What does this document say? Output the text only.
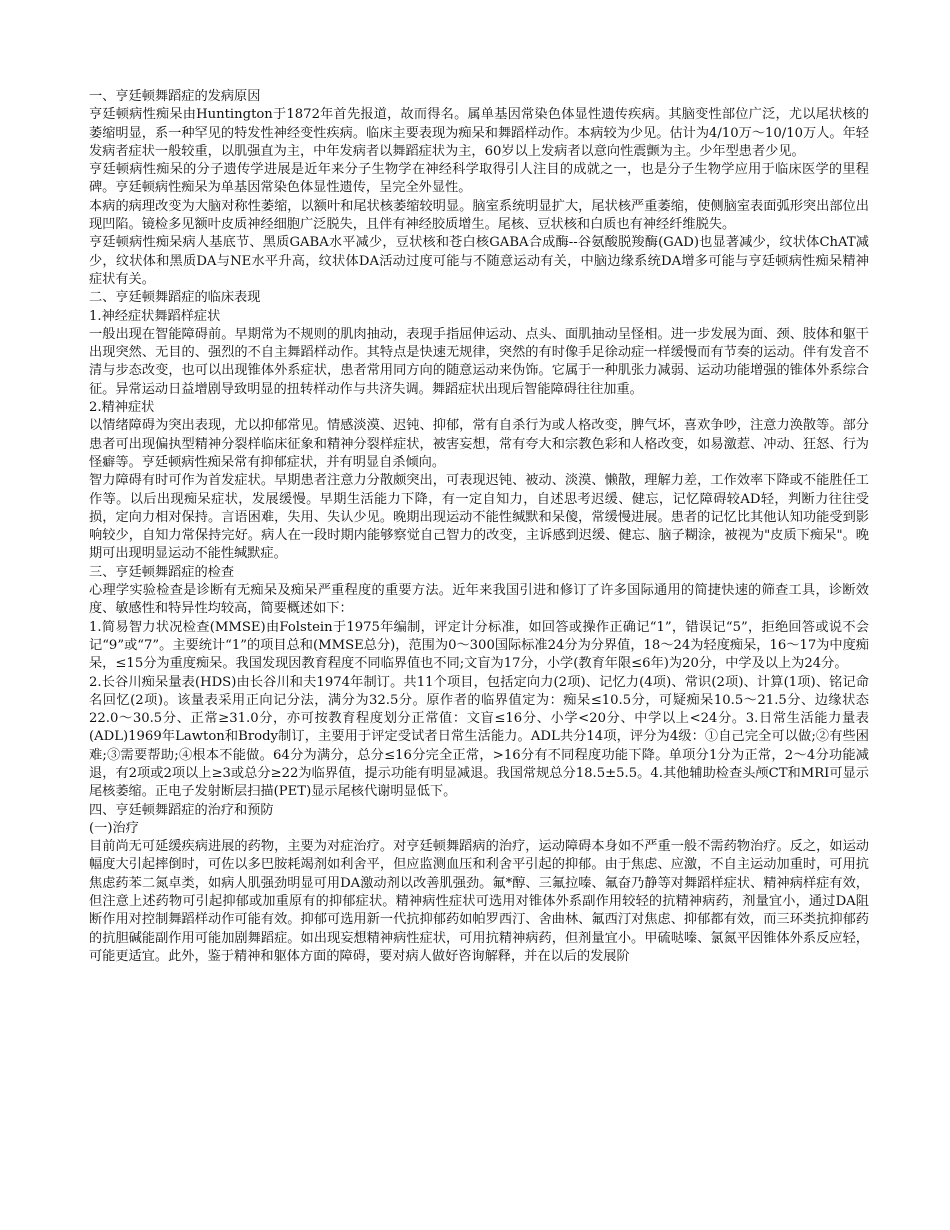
一、亨廷顿舞蹈症的发病原因

亨廷顿病性痴呆由Huntington于1872年首先报道，故而得名。属单基因常染色体显性遗传疾病。其脑变性部位广泛，尤以尾状核的萎缩明显，系一种罕见的特发性神经变性疾病。临床主要表现为痴呆和舞蹈样动作。本病较为少见。估计为4/10万～10/10万人。年轻发病者症状一般较重，以肌强直为主，中年发病者以舞蹈症状为主，60岁以上发病者以意向性震颤为主。少年型患者少见。

亨廷顿病性痴呆的分子遗传学进展是近年来分子生物学在神经科学取得引人注目的成就之一，也是分子生物学应用于临床医学的里程碑。亨廷顿病性痴呆为单基因常染色体显性遗传，呈完全外显性。

本病的病理改变为大脑对称性萎缩，以额叶和尾状核萎缩较明显。脑室系统明显扩大，尾状核严重萎缩，使侧脑室表面弧形突出部位出现凹陷。镜检多见额叶皮质神经细胞广泛脱失，且伴有神经胶质增生。尾核、豆状核和白质也有神经纤维脱失。

亨廷顿病性痴呆病人基底节、黑质GABA水平减少，豆状核和苍白核GABA合成酶--谷氨酸脱羧酶(GAD)也显著减少，纹状体ChAT减少，纹状体和黑质DA与NE水平升高，纹状体DA活动过度可能与不随意运动有关，中脑边缘系统DA增多可能与亨廷顿病性痴呆精神症状有关。

二、亨廷顿舞蹈症的临床表现

1.神经症状舞蹈样症状

一般出现在智能障碍前。早期常为不规则的肌肉抽动，表现手指屈伸运动、点头、面肌抽动呈怪相。进一步发展为面、颈、肢体和躯干出现突然、无目的、强烈的不自主舞蹈样动作。其特点是快速无规律，突然的有时像手足徐动症一样缓慢而有节奏的运动。伴有发音不清与步态改变，也可以出现锥体外系症状，患者常用同方向的随意运动来伪饰。它属于一种肌张力减弱、运动功能增强的锥体外系综合征。异常运动日益增剧导致明显的扭转样动作与共济失调。舞蹈症状出现后智能障碍往往加重。

2.精神症状

以情绪障碍为突出表现，尤以抑郁常见。情感淡漠、迟钝、抑郁，常有自杀行为或人格改变，脾气坏，喜欢争吵，注意力涣散等。部分患者可出现偏执型精神分裂样临床征象和精神分裂样症状，被害妄想，常有夸大和宗教色彩和人格改变，如易激惹、冲动、狂怒、行为怪癖等。亨廷顿病性痴呆常有抑郁症状，并有明显自杀倾向。

智力障碍有时可作为首发症状。早期患者注意力分散颇突出，可表现迟钝、被动、淡漠、懒散，理解力差，工作效率下降或不能胜任工作等。以后出现痴呆症状，发展缓慢。早期生活能力下降，有一定自知力，自述思考迟缓、健忘，记忆障碍较AD轻，判断力往往受损，定向力相对保持。言语困难，失用、失认少见。晚期出现运动不能性缄默和呆傻，常缓慢进展。患者的记忆比其他认知功能受到影响较少，自知力常保持完好。病人在一段时期内能够察觉自己智力的改变，主诉感到迟缓、健忘、脑子糊涂，被视为"皮质下痴呆"。晚期可出现明显运动不能性缄默症。

三、亨廷顿舞蹈症的检查

心理学实验检查是诊断有无痴呆及痴呆严重程度的重要方法。近年来我国引进和修订了许多国际通用的简捷快速的筛查工具，诊断效度、敏感性和特异性均较高，简要概述如下：

1.简易智力状况检查(MMSE)由Folstein于1975年编制，评定计分标准，如回答或操作正确记“1”，错误记“5”，拒绝回答或说不会记“9”或“7”。主要统计“1”的项目总和(MMSE总分)，范围为0～300国际标准24分为分界值，18～24为轻度痴呆，16～17为中度痴呆，≤15分为重度痴呆。我国发现因教育程度不同临界值也不同;文盲为17分，小学(教育年限≤6年)为20分，中学及以上为24分。

2.长谷川痴呆量表(HDS)由长谷川和夫1974年制订。共11个项目，包括定向力(2项)、记忆力(4项)、常识(2项)、计算(1项)、铭记命名回忆(2项)。该量表采用正向记分法，满分为32.5分。原作者的临界值定为：痴呆≤10.5分，可疑痴呆10.5～21.5分、边缘状态22.0～30.5分、正常≥31.0分，亦可按教育程度划分正常值：文盲≤16分、小学<20分、中学以上<24分。3.日常生活能力量表(ADL)1969年Lawton和Brody制订，主要用于评定受试者日常生活能力。ADL共分14项，评分为4级：①自己完全可以做;②有些困难;③需要帮助;④根本不能做。64分为满分，总分≤16分完全正常，>16分有不同程度功能下降。单项分1分为正常，2～4分功能减退，有2项或2项以上≥3或总分≥22为临界值，提示功能有明显减退。我国常规总分18.5±5.5。4.其他辅助检查头颅CT和MRI可显示尾核萎缩。正电子发射断层扫描(PET)显示尾核代谢明显低下。

四、亨廷顿舞蹈症的治疗和预防

(一)治疗

目前尚无可延缓疾病进展的药物，主要为对症治疗。对亨廷顿舞蹈病的治疗，运动障碍本身如不严重一般不需药物治疗。反之，如运动幅度大引起摔倒时，可佐以多巴胺耗竭剂如利舍平，但应监测血压和利舍平引起的抑郁。由于焦虑、应激，不自主运动加重时，可用抗焦虑药苯二氮卓类，如病人肌强劲明显可用DA激动剂以改善肌强劲。氟*醇、三氟拉嗪、氟奋乃静等对舞蹈样症状、精神病样症有效，但注意上述药物可引起抑郁或加重原有的抑郁症状。精神病性症状可选用对锥体外系副作用较轻的抗精神病药，剂量宜小，通过DA阻断作用对控制舞蹈样动作可能有效。抑郁可选用新一代抗抑郁药如帕罗西汀、舍曲林、氟西汀对焦虑、抑郁都有效，而三环类抗抑郁药的抗胆碱能副作用可能加剧舞蹈症。如出现妄想精神病性症状，可用抗精神病药，但剂量宜小。甲硫哒嗪、氯氮平因锥体外系反应轻，可能更适宜。此外，鉴于精神和躯体方面的障碍，要对病人做好咨询解释，并在以后的发展阶
